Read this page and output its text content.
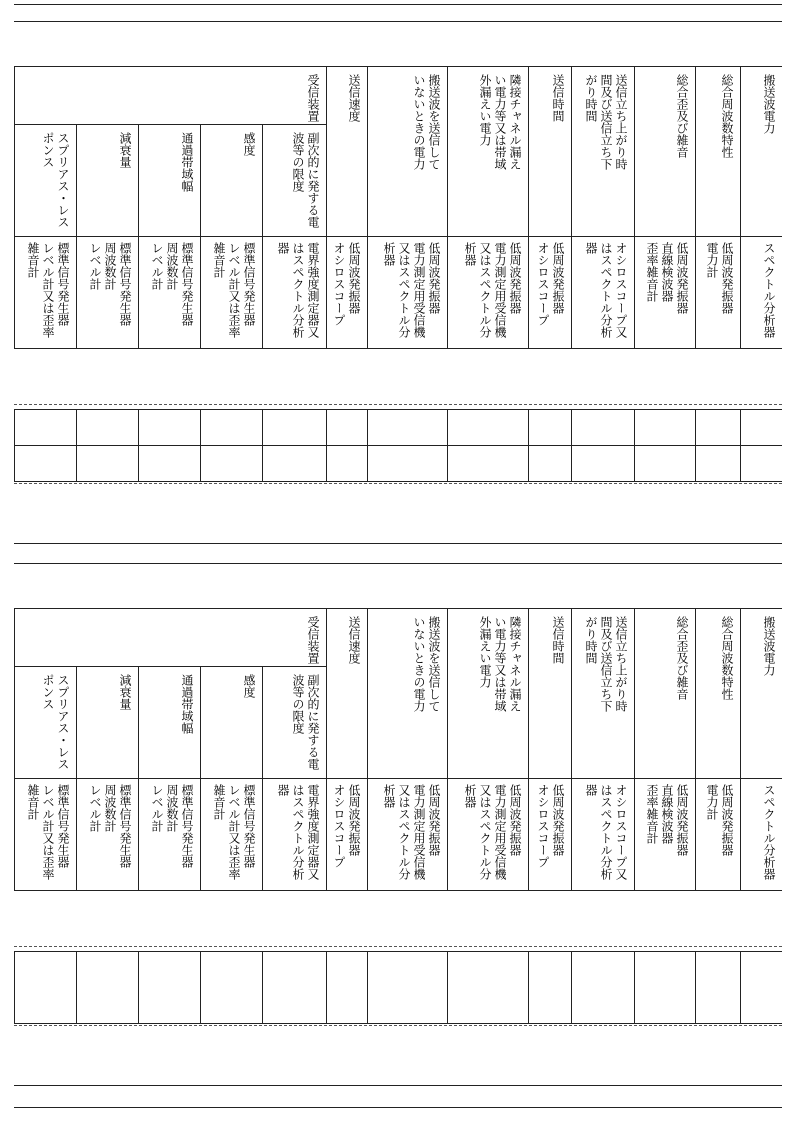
受信装置	搬送波電力
スペクトル分析器
総合周波数特性
低周波発振器
電力計
総合歪及び雑音
低周波発振器
直線検波器
歪率雑音計
送信立ち上がり時
間及び送信立ち下
がり時間
オシロスコープ又
はスペクトル分析
器
送信時間
低周波発振器
オシロスコープ
隣接チャネル漏え
い電力等又は帯域
外漏えい電力
低周波発振器
電力測定用受信機
又はスペクトル分
析器
搬送波を送信して
いないときの電力
低周波発振器
電力測定用受信機
又はスペクトル分
析器
送信速度
低周波発振器
オシロスコープ
副次的に発する電
波等の限度
電界強度測定器又
はスペクトル分析
器
感度
標準信号発生器
レベル計又は歪率
雑音計
通過帯域幅
標準信号発生器
周波数計
レベル計
減衰量
標準信号発生器
周波数計
レベル計
スプリアス・レス
ポンス
標準信号発生器
レベル計又は歪率
雑音計
受信装置	搬送波電力
スペクトル分析器
総合周波数特性
低周波発振器
電力計
総合歪及び雑音
低周波発振器
直線検波器
歪率雑音計
送信立ち上がり時
間及び送信立ち下
がり時間
オシロスコープ又
はスペクトル分析
器
送信時間
低周波発振器
オシロスコープ
隣接チャネル漏え
い電力等又は帯域
外漏えい電力
低周波発振器
電力測定用受信機
又はスペクトル分
析器
搬送波を送信して
いないときの電力
低周波発振器
電力測定用受信機
又はスペクトル分
析器
送信速度
低周波発振器
オシロスコープ
副次的に発する電
波等の限度
電界強度測定器又
はスペクトル分析
器
感度
標準信号発生器
レベル計又は歪率
雑音計
通過帯域幅
標準信号発生器
周波数計
レベル計
減衰量
標準信号発生器
周波数計
レベル計
スプリアス・レス
ポンス
標準信号発生器
レベル計又は歪率
雑音計
